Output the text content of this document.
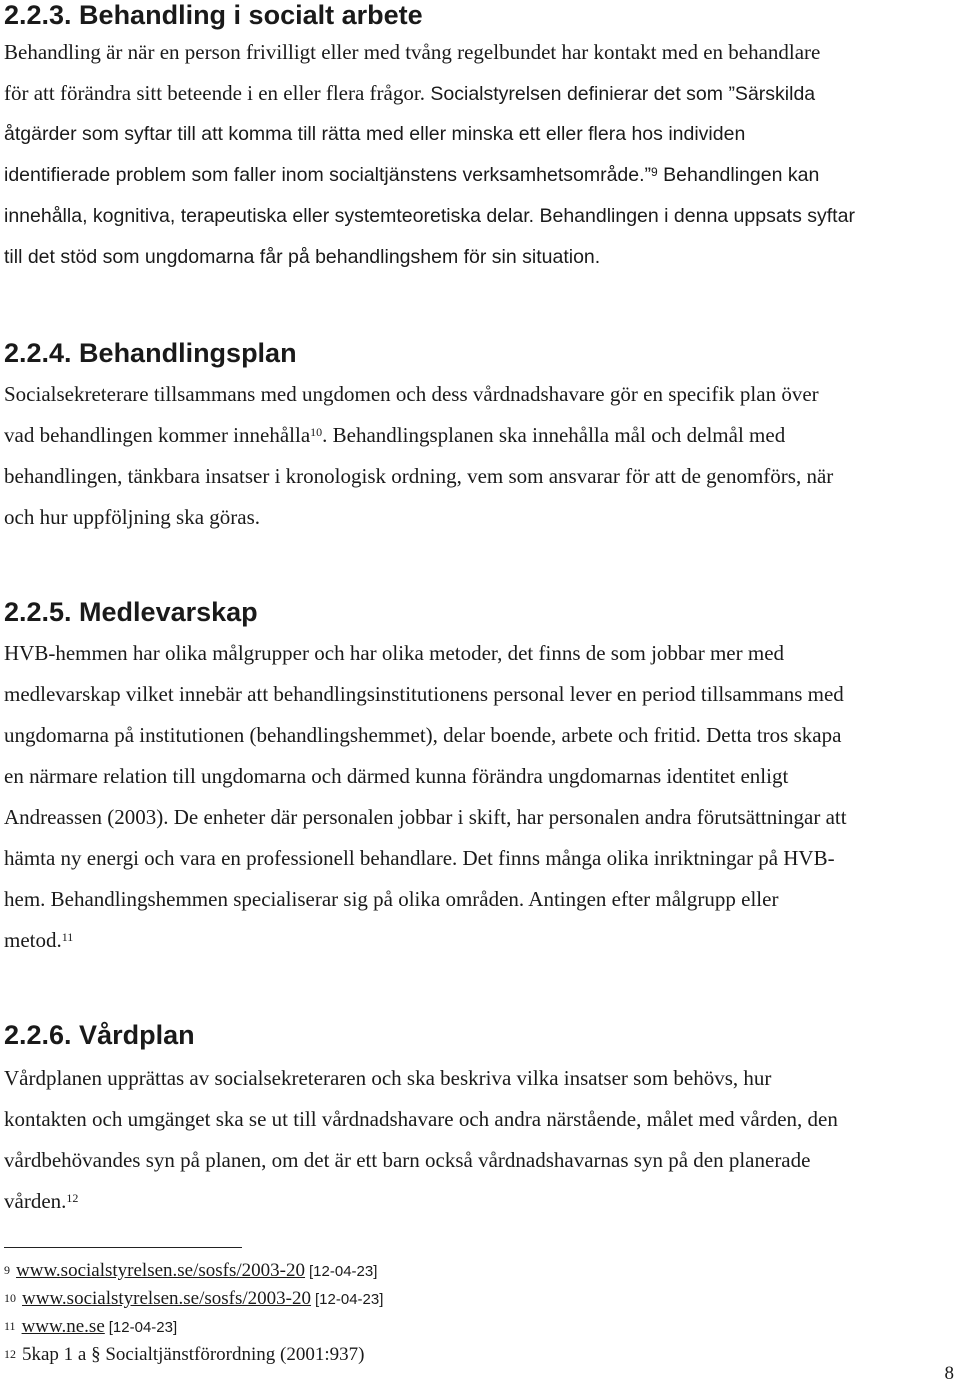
2.2.3. Behandling i socialt arbete
Behandling är när en person frivilligt eller med tvång regelbundet har kontakt med en behandlare
för att förändra sitt beteende i en eller flera frågor. Socialstyrelsen definierar det som ”Särskilda
åtgärder som syftar till att komma till rätta med eller minska ett eller flera hos individen
identifierade problem som faller inom socialtjänstens verksamhetsområde.”$^9$ Behandlingen kan
innehålla, kognitiva, terapeutiska eller systemteoretiska delar. Behandlingen i denna uppsats syftar
till det stöd som ungdomarna får på behandlingshem för sin situation.
2.2.4. Behandlingsplan
Socialsekreterare tillsammans med ungdomen och dess vårdnadshavare gör en specifik plan över
vad behandlingen kommer innehålla$^{10}$. Behandlingsplanen ska innehålla mål och delmål med
behandlingen, tänkbara insatser i kronologisk ordning, vem som ansvarar för att de genomförs, när
och hur uppföljning ska göras.
2.2.5. Medlevarskap
HVB-hemmen har olika målgrupper och har olika metoder, det finns de som jobbar mer med
medlevarskap vilket innebär att behandlingsinstitutionens personal lever en period tillsammans med
ungdomarna på institutionen (behandlingshemmet), delar boende, arbete och fritid. Detta tros skapa
en närmare relation till ungdomarna och därmed kunna förändra ungdomarnas identitet enligt
Andreassen (2003). De enheter där personalen jobbar i skift, har personalen andra förutsättningar att
hämta ny energi och vara en professionell behandlare. Det finns många olika inriktningar på HVB-
hem. Behandlingshemmen specialiserar sig på olika områden. Antingen efter målgrupp eller
metod.$^{11}$
2.2.6. Vårdplan
Vårdplanen upprättas av socialsekreteraren och ska beskriva vilka insatser som behövs, hur
kontakten och umgänget ska se ut till vårdnadshavare och andra närstående, målet med vården, den
vårdbehövandes syn på planen, om det är ett barn också vårdnadshavarnas syn på den planerade
vården.$^{12}$
$^9$ www.socialstyrelsen.se/sosfs/2003-20 [12-04-23]
$^{10}$ www.socialstyrelsen.se/sosfs/2003-20 [12-04-23]
$^{11}$ www.ne.se [12-04-23]
$^{12}$ 5kap 1 a § Socialtjänstförordning (2001:937)
8
